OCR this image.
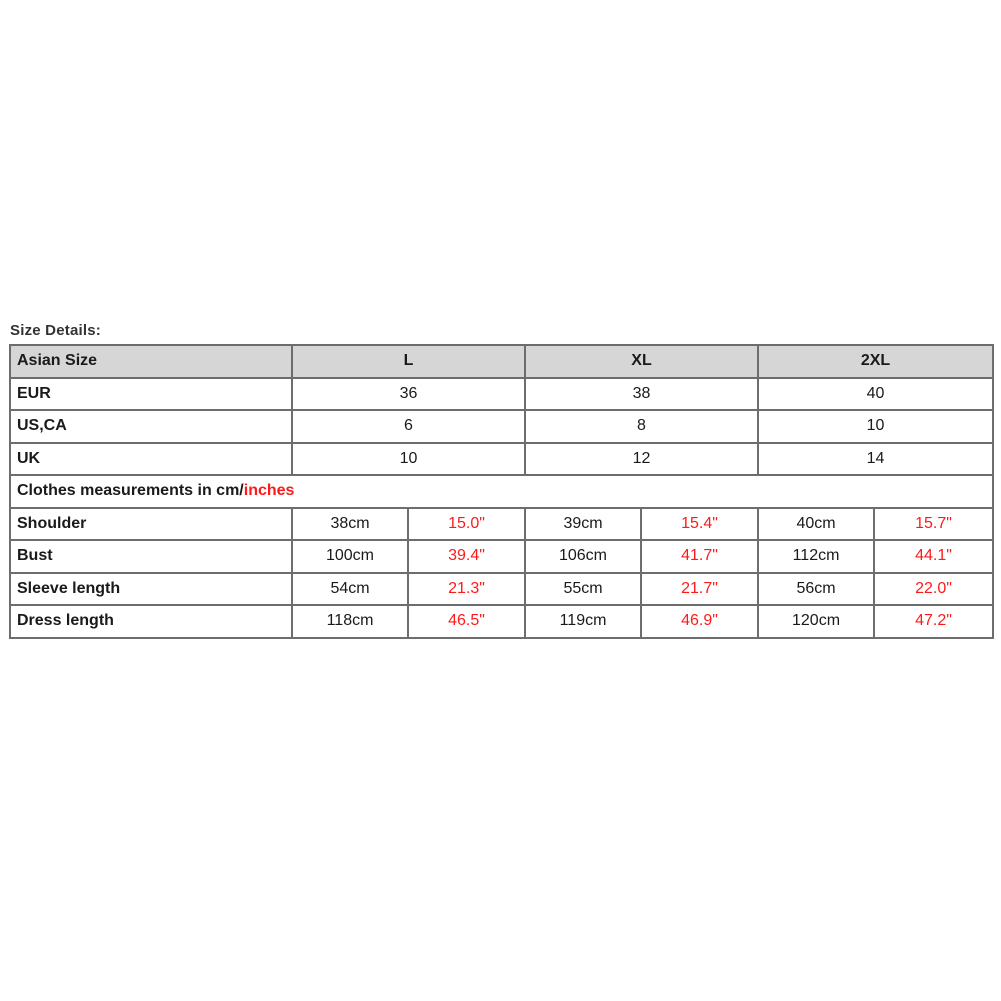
Size Details:
Asian Size	L		XL		2XL	
EUR	36		38		40	
US,CA	6		8		10	
UK	10		12		14	
Clothes measurements in cm/inches						
Shoulder	38cm	15.0"	39cm	15.4"	40cm	15.7"
Bust	100cm	39.4"	106cm	41.7"	112cm	44.1"
Sleeve length	54cm	21.3"	55cm	21.7"	56cm	22.0"
Dress length	118cm	46.5"	119cm	46.9"	120cm	47.2"
